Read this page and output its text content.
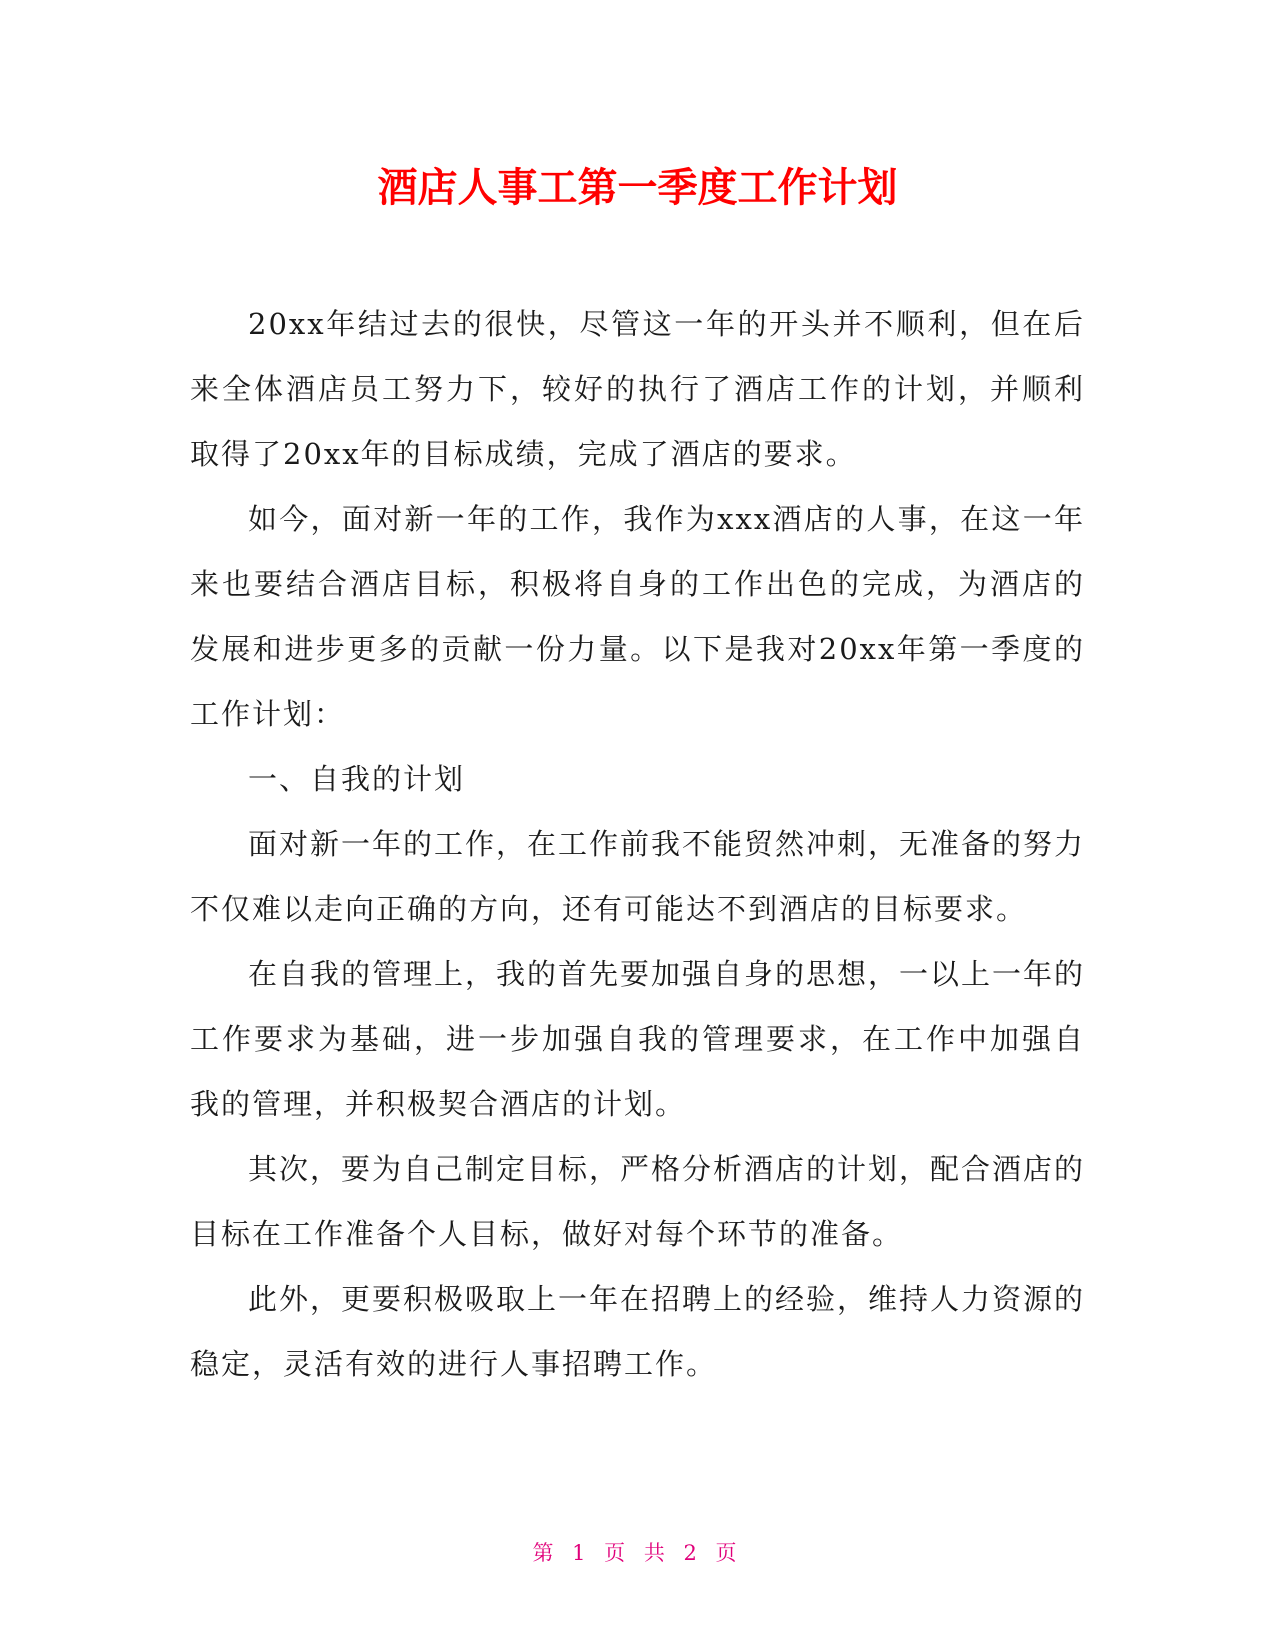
酒店人事工第一季度工作计划

20xx年结过去的很快，尽管这一年的开头并不顺利，但在后来全体酒店员工努力下，较好的执行了酒店工作的计划，并顺利取得了20xx年的目标成绩，完成了酒店的要求。

如今，面对新一年的工作，我作为xxx酒店的人事，在这一年来也要结合酒店目标，积极将自身的工作出色的完成，为酒店的发展和进步更多的贡献一份力量。以下是我对20xx年第一季度的工作计划：

一、自我的计划

面对新一年的工作，在工作前我不能贸然冲刺，无准备的努力不仅难以走向正确的方向，还有可能达不到酒店的目标要求。

在自我的管理上，我的首先要加强自身的思想，一以上一年的工作要求为基础，进一步加强自我的管理要求，在工作中加强自我的管理，并积极契合酒店的计划。

其次，要为自己制定目标，严格分析酒店的计划，配合酒店的目标在工作准备个人目标，做好对每个环节的准备。

此外，更要积极吸取上一年在招聘上的经验，维持人力资源的稳定，灵活有效的进行人事招聘工作。

第 1 页 共 2 页
